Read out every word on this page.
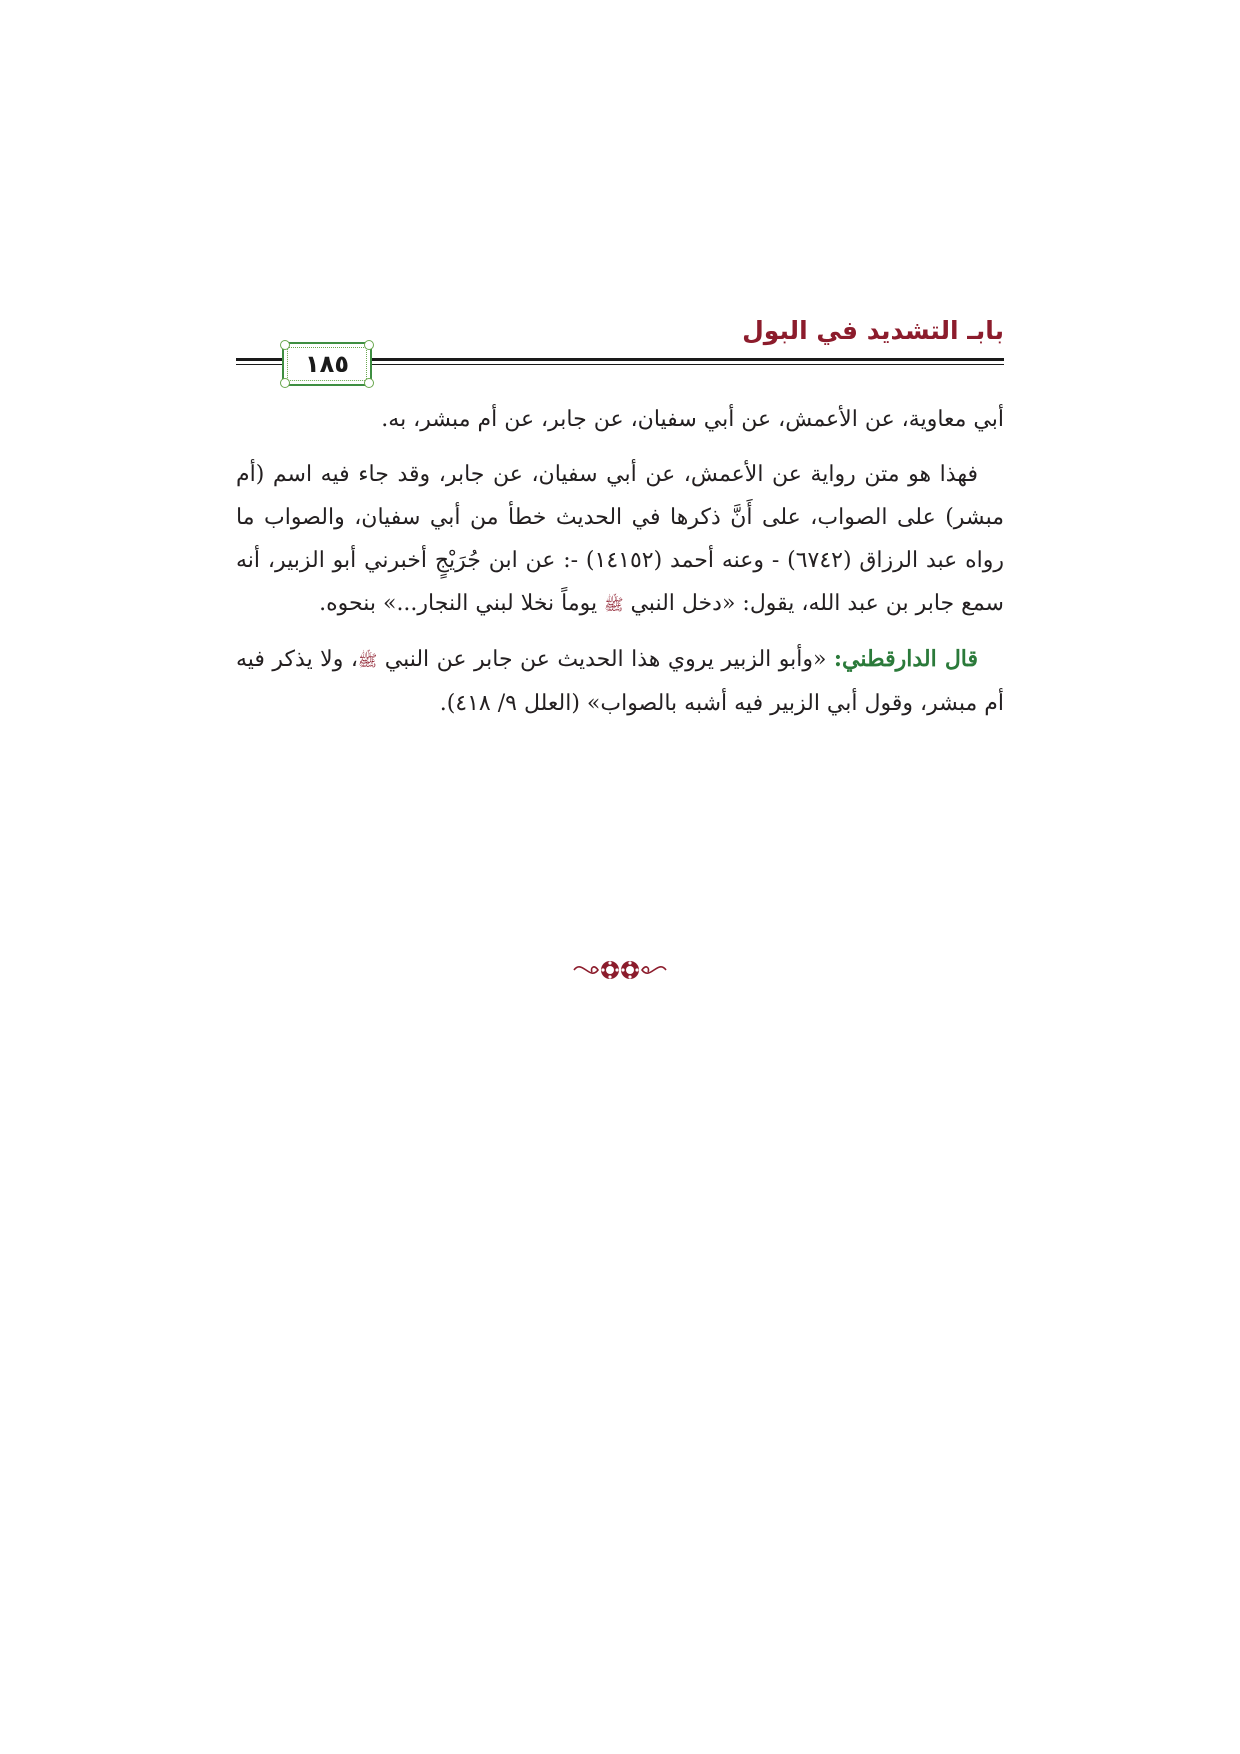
بابـ التشديد في البول
١٨٥

أبي معاوية، عن الأعمش، عن أبي سفيان، عن جابر، عن أم مبشر، به.

فهذا هو متن رواية عن الأعمش، عن أبي سفيان، عن جابر، وقد جاء فيه اسم (أم مبشر) على الصواب، على أَنَّ ذكرها في الحديث خطأ من أبي سفيان، والصواب ما رواه عبد الرزاق (٦٧٤٢) - وعنه أحمد (١٤١٥٢) -: عن ابن جُرَيْجٍ أخبرني أبو الزبير، أنه سمع جابر بن عبد الله، يقول: «دخل النبي ﷺ يوماً نخلا لبني النجار...» بنحوه.

قال الدارقطني: «وأبو الزبير يروي هذا الحديث عن جابر عن النبي ﷺ، ولا يذكر فيه أم مبشر، وقول أبي الزبير فيه أشبه بالصواب» (العلل ٩/ ٤١٨).
